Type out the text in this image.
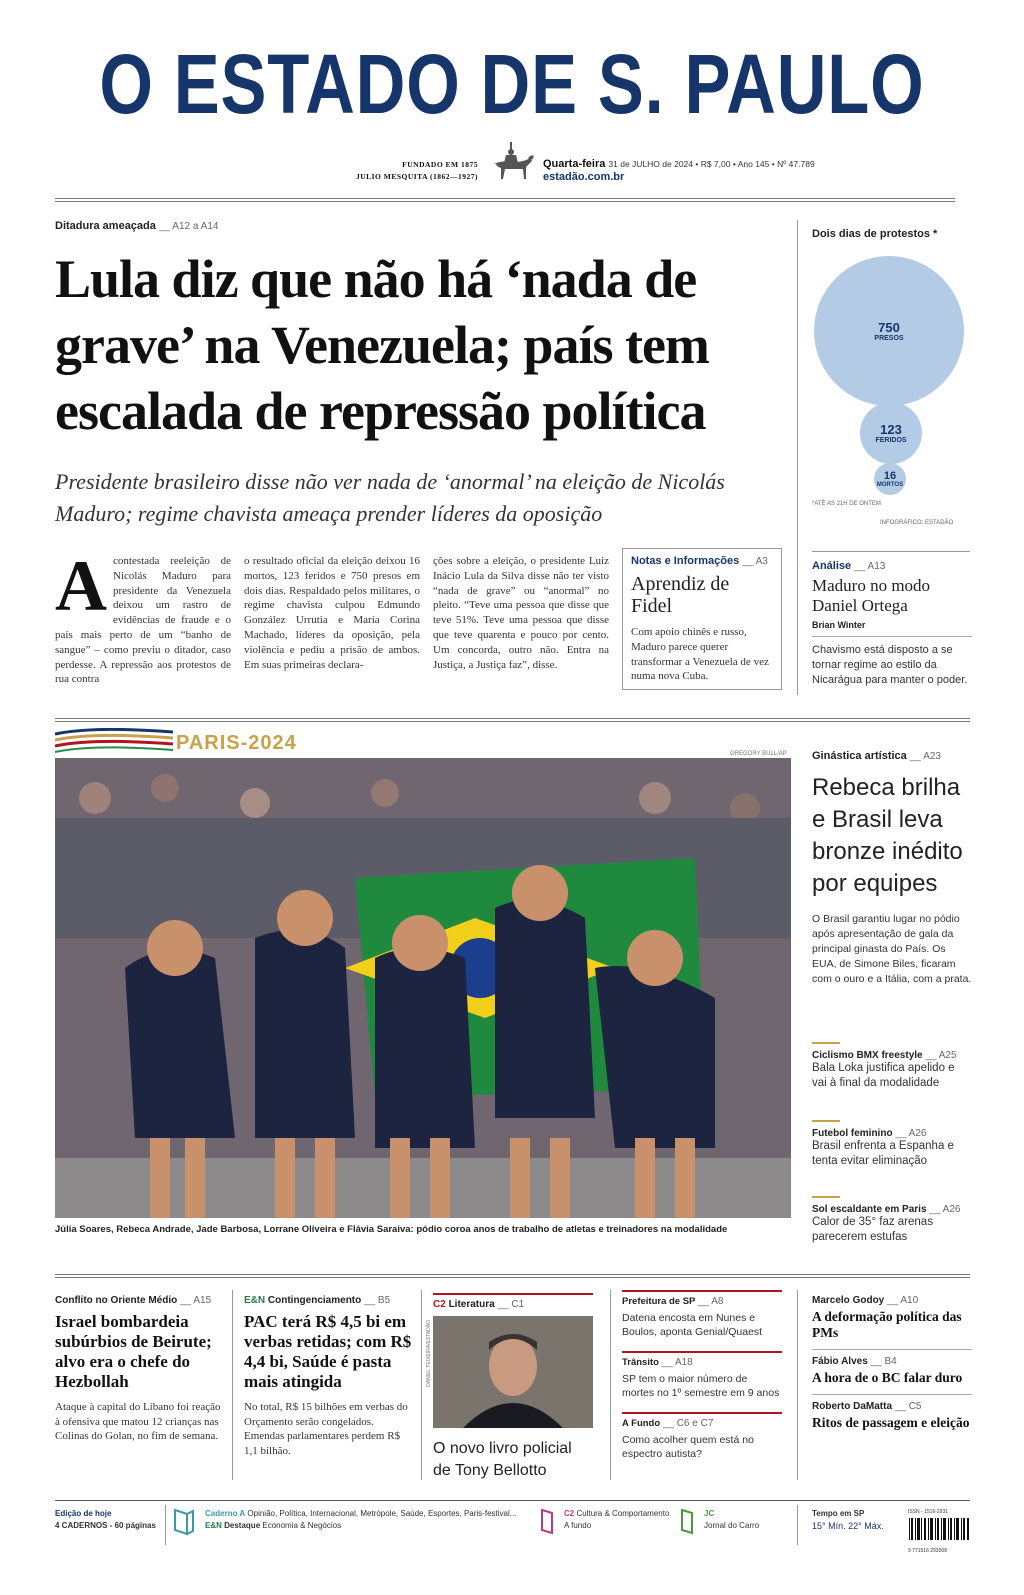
O ESTADO DE S. PAULO
FUNDADO EM 1875
JULIO MESQUITA (1862—1927)
Quarta-feira 31 de JULHO de 2024 • R$ 7,00 • Ano 145 • Nº 47.789
estadão.com.br
Ditadura ameaçada __ A12 a A14
Lula diz que não há ‘nada de grave’ na Venezuela; país tem escalada de repressão política
Presidente brasileiro disse não ver nada de ‘anormal’ na eleição de Nicolás Maduro; regime chavista ameaça prender líderes da oposição
A contestada reeleição de Nicolás Maduro para presidente da Venezuela deixou um rastro de evidências de fraude e o país mais perto de um “banho de sangue” – como previu o ditador, caso perdesse. A repressão aos protestos de rua contra
o resultado oficial da eleição deixou 16 mortos, 123 feridos e 750 presos em dois dias. Respaldado pelos militares, o regime chavista culpou Edmundo González Urrutia e María Corina Machado, líderes da oposição, pela violência e pediu a prisão de ambos. Em suas primeiras declara-
ções sobre a eleição, o presidente Luiz Inácio Lula da Silva disse não ter visto “nada de grave” ou “anormal” no pleito. “Teve uma pessoa que disse que teve 51%. Teve uma pessoa que disse que teve quarenta e pouco por cento. Um concorda, outro não. Entra na Justiça, a Justiça faz”, disse.
Notas e Informações __ A3
Aprendiz de Fidel
Com apoio chinês e russo, Maduro parece querer transformar a Venezuela de vez numa nova Cuba.
Dois dias de protestos *
750
PRESOS
123
FERIDOS
16
MORTOS
*ATÉ AS 21H DE ONTEM
INFOGRÁFICO: ESTADÃO
Análise __ A13
Maduro no modo Daniel Ortega
Brian Winter
Chavismo está disposto a se tornar regime ao estilo da Nicarágua para manter o poder.
PARIS-2024	GREGORY BULL/AP
Júlia Soares, Rebeca Andrade, Jade Barbosa, Lorrane Oliveira e Flávia Saraiva: pódio coroa anos de trabalho de atletas e treinadores na modalidade
Ginástica artística __ A23
Rebeca brilha e Brasil leva bronze inédito por equipes
O Brasil garantiu lugar no pódio após apresentação de gala da principal ginasta do País. Os EUA, de Simone Biles, ficaram com o ouro e a Itália, com a prata.
Ciclismo BMX freestyle __ A25
Bala Loka justifica apelido e vai à final da modalidade
Futebol feminino __ A26
Brasil enfrenta a Espanha e tenta evitar eliminação
Sol escaldante em Paris __ A26
Calor de 35° faz arenas parecerem estufas
Conflito no Oriente Médio __ A15
Israel bombardeia subúrbios de Beirute; alvo era o chefe do Hezbollah
Ataque à capital do Líbano foi reação à ofensiva que matou 12 crianças nas Colinas do Golan, no fim de semana.
E&N Contingenciamento __ B5
PAC terá R$ 4,5 bi em verbas retidas; com R$ 4,4 bi, Saúde é pasta mais atingida
No total, R$ 15 bilhões em verbas do Orçamento serão congelados. Emendas parlamentares perdem R$ 1,1 bilhão.
C2 Literatura __ C1
O novo livro policial de Tony Bellotto
DANIEL TEIXEIRA/ESTADÃO
Prefeitura de SP __ A8
Datena encosta em Nunes e Boulos, aponta Genial/Quaest
Trânsito __ A18
SP tem o maior número de mortes no 1º semestre em 9 anos
A Fundo __ C6 e C7
Como acolher quem está no espectro autista?
Marcelo Godoy __ A10
A deformação política das PMs
Fábio Alves __ B4
A hora de o BC falar duro
Roberto DaMatta __ C5
Ritos de passagem e eleição
Edição de hoje
4 CADERNOS - 60 páginas
Caderno A Opinião, Política, Internacional, Metrópole, Saúde, Esportes, Paris-festival...
E&N Destaque Economia & Negócios
C2 Cultura & Comportamento
A fundo
JC
Jornal do Carro
Tempo em SP
15° Mín. 22° Máx.
ISSN - 1516-2931
9 771516 293009
